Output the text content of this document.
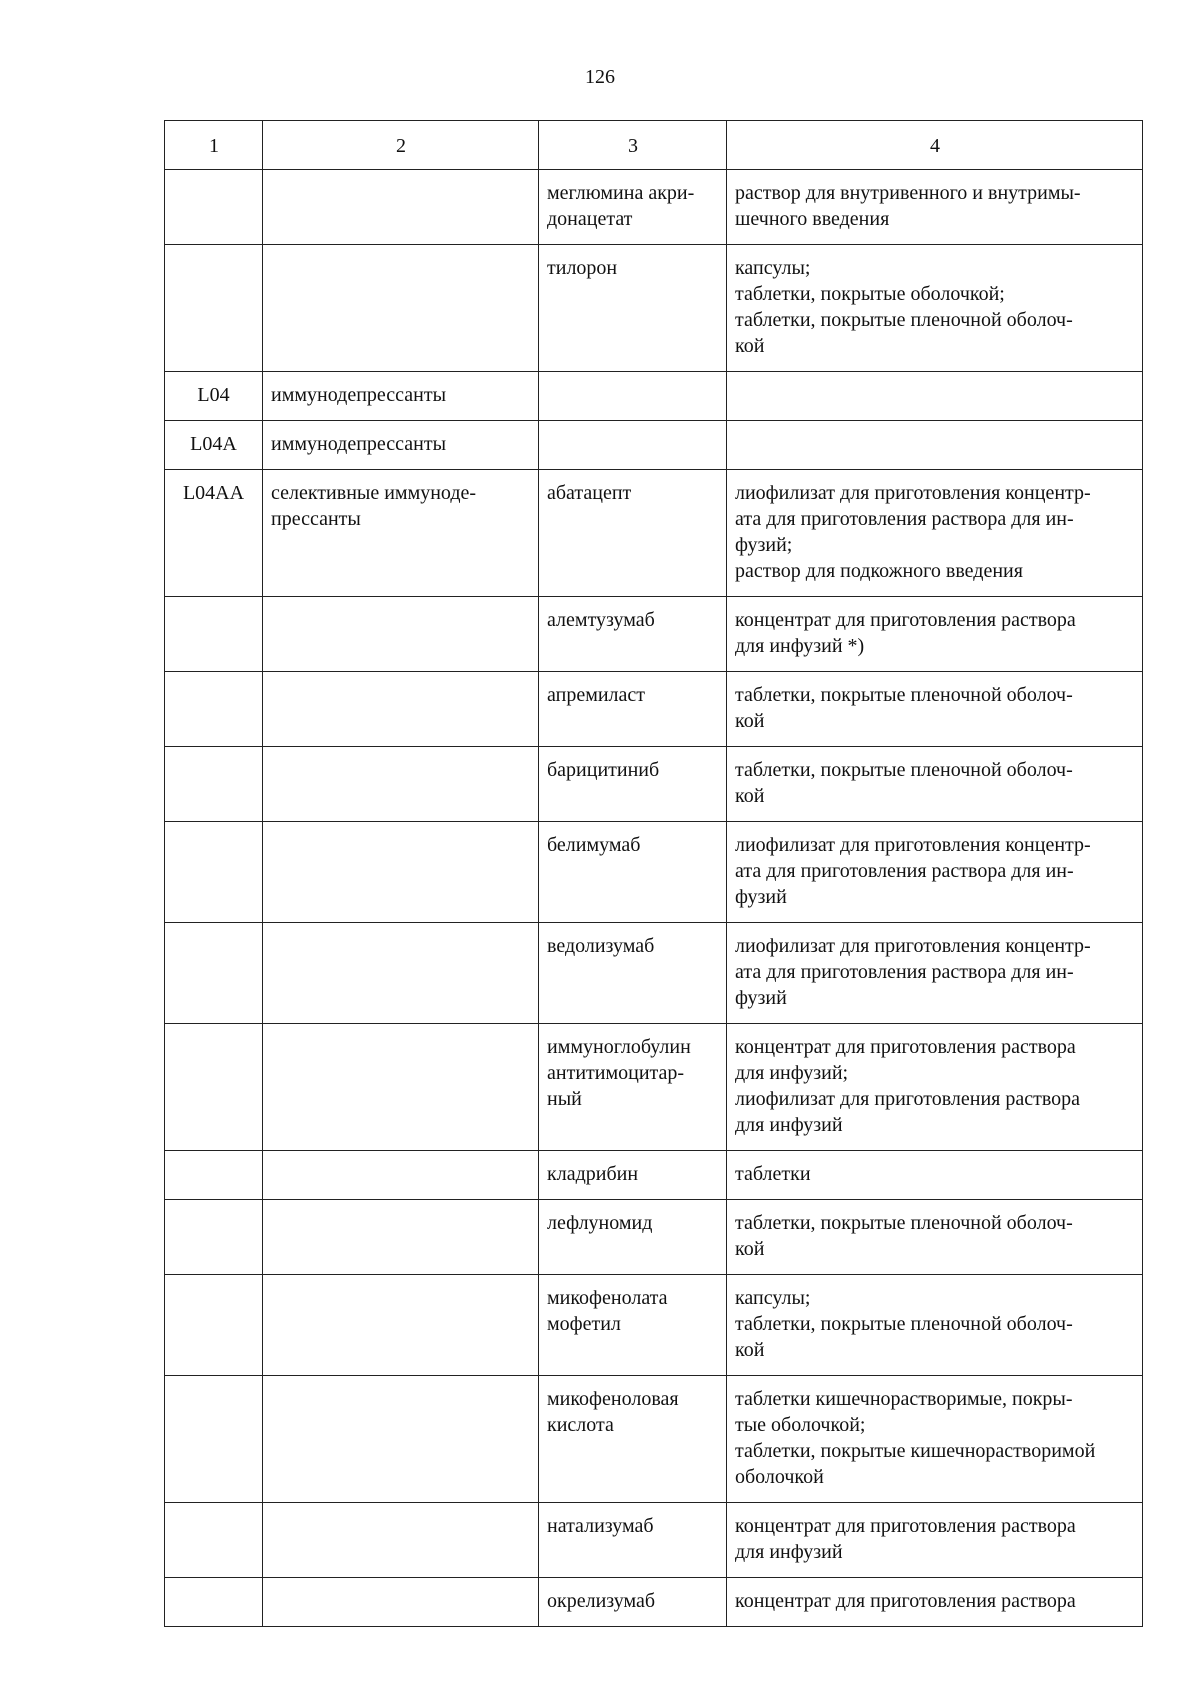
126
1	2	3	4
		меглюмина акри-
донацетат	раствор для внутривенного и внутримы-
шечного введения
		тилорон	капсулы;
таблетки, покрытые оболочкой;
таблетки, покрытые пленочной оболоч-
кой
L04	иммунодепрессанты		
L04A	иммунодепрессанты		
L04AA	селективные иммуноде-
прессанты	абатацепт	лиофилизат для приготовления концентр-
ата для приготовления раствора для ин-
фузий;
раствор для подкожного введения
		алемтузумаб	концентрат для приготовления раствора
для инфузий *)
		апремиласт	таблетки, покрытые пленочной оболоч-
кой
		барицитиниб	таблетки, покрытые пленочной оболоч-
кой
		белимумаб	лиофилизат для приготовления концентр-
ата для приготовления раствора для ин-
фузий
		ведолизумаб	лиофилизат для приготовления концентр-
ата для приготовления раствора для ин-
фузий
		иммуноглобулин
антитимоцитар-
ный	концентрат для приготовления раствора
для инфузий;
лиофилизат для приготовления раствора
для инфузий
		кладрибин	таблетки
		лефлуномид	таблетки, покрытые пленочной оболоч-
кой
		микофенолата
мофетил	капсулы;
таблетки, покрытые пленочной оболоч-
кой
		микофеноловая
кислота	таблетки кишечнорастворимые, покры-
тые оболочкой;
таблетки, покрытые кишечнорастворимой
оболочкой
		натализумаб	концентрат для приготовления раствора
для инфузий
		окрелизумаб	концентрат для приготовления раствора
